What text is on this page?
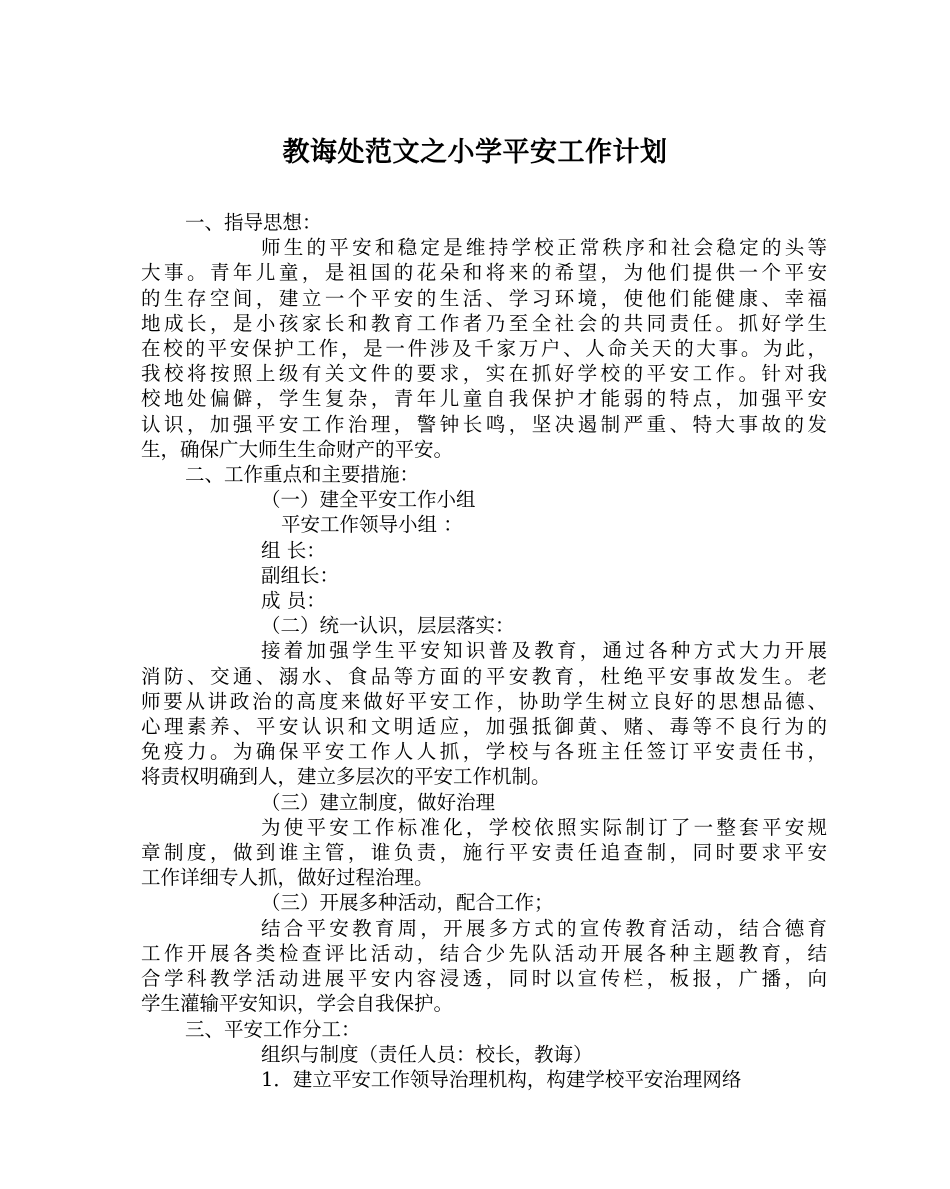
教诲处范文之小学平安工作计划
一、指导思想：
师生的平安和稳定是维持学校正常秩序和社会稳定的头等
大事。青年儿童，是祖国的花朵和将来的希望，为他们提供一个平安
的生存空间，建立一个平安的生活、学习环境，使他们能健康、幸福
地成长，是小孩家长和教育工作者乃至全社会的共同责任。抓好学生
在校的平安保护工作，是一件涉及千家万户、人命关天的大事。为此，
我校将按照上级有关文件的要求，实在抓好学校的平安工作。针对我
校地处偏僻，学生复杂，青年儿童自我保护才能弱的特点，加强平安
认识，加强平安工作治理，警钟长鸣，坚决遏制严重、特大事故的发
生，确保广大师生生命财产的平安。
二、工作重点和主要措施：
（一）建全平安工作小组
平安工作领导小组 ：
组 长：
副组长：
成 员：
（二）统一认识，层层落实：
接着加强学生平安知识普及教育，通过各种方式大力开展
消防、交通、溺水、食品等方面的平安教育，杜绝平安事故发生。老
师要从讲政治的高度来做好平安工作，协助学生树立良好的思想品德、
心理素养、平安认识和文明适应，加强抵御黄、赌、毒等不良行为的
免疫力。为确保平安工作人人抓，学校与各班主任签订平安责任书，
将责权明确到人，建立多层次的平安工作机制。
（三）建立制度，做好治理
为使平安工作标准化，学校依照实际制订了一整套平安规
章制度，做到谁主管，谁负责，施行平安责任追查制，同时要求平安
工作详细专人抓，做好过程治理。
（三）开展多种活动，配合工作；
结合平安教育周，开展多方式的宣传教育活动，结合德育
工作开展各类检查评比活动，结合少先队活动开展各种主题教育，结
合学科教学活动进展平安内容浸透，同时以宣传栏，板报，广播，向
学生灌输平安知识，学会自我保护。
三、平安工作分工：
组织与制度（责任人员：校长，教诲）
1．建立平安工作领导治理机构，构建学校平安治理网络
